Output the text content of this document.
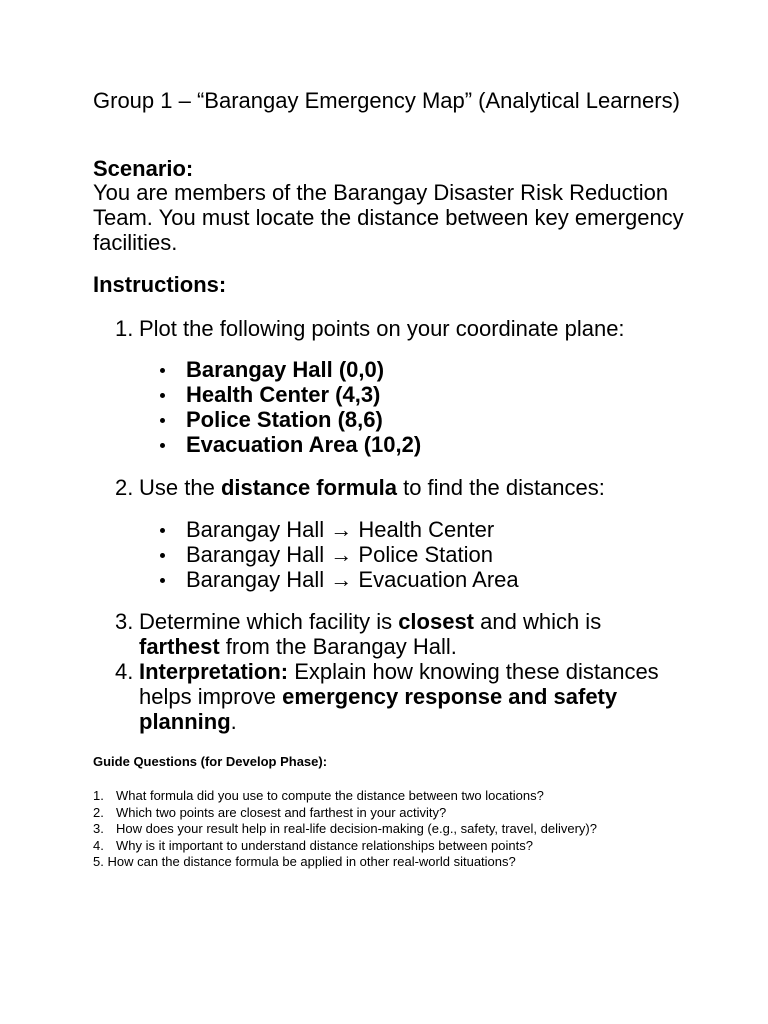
Group 1 – “Barangay Emergency Map” (Analytical Learners)
Scenario:
You are members of the Barangay Disaster Risk Reduction Team. You must locate the distance between key emergency facilities.
Instructions:
1. Plot the following points on your coordinate plane:
Barangay Hall (0,0)
Health Center (4,3)
Police Station (8,6)
Evacuation Area (10,2)
2. Use the distance formula to find the distances:
Barangay Hall → Health Center
Barangay Hall → Police Station
Barangay Hall → Evacuation Area
3. Determine which facility is closest and which is
farthest from the Barangay Hall.
4. Interpretation: Explain how knowing these distances helps improve emergency response and safety planning.
Guide Questions (for Develop Phase):
1. What formula did you use to compute the distance between two locations?
2. Which two points are closest and farthest in your activity?
3. How does your result help in real-life decision-making (e.g., safety, travel, delivery)?
4. Why is it important to understand distance relationships between points?
5. How can the distance formula be applied in other real-world situations?
